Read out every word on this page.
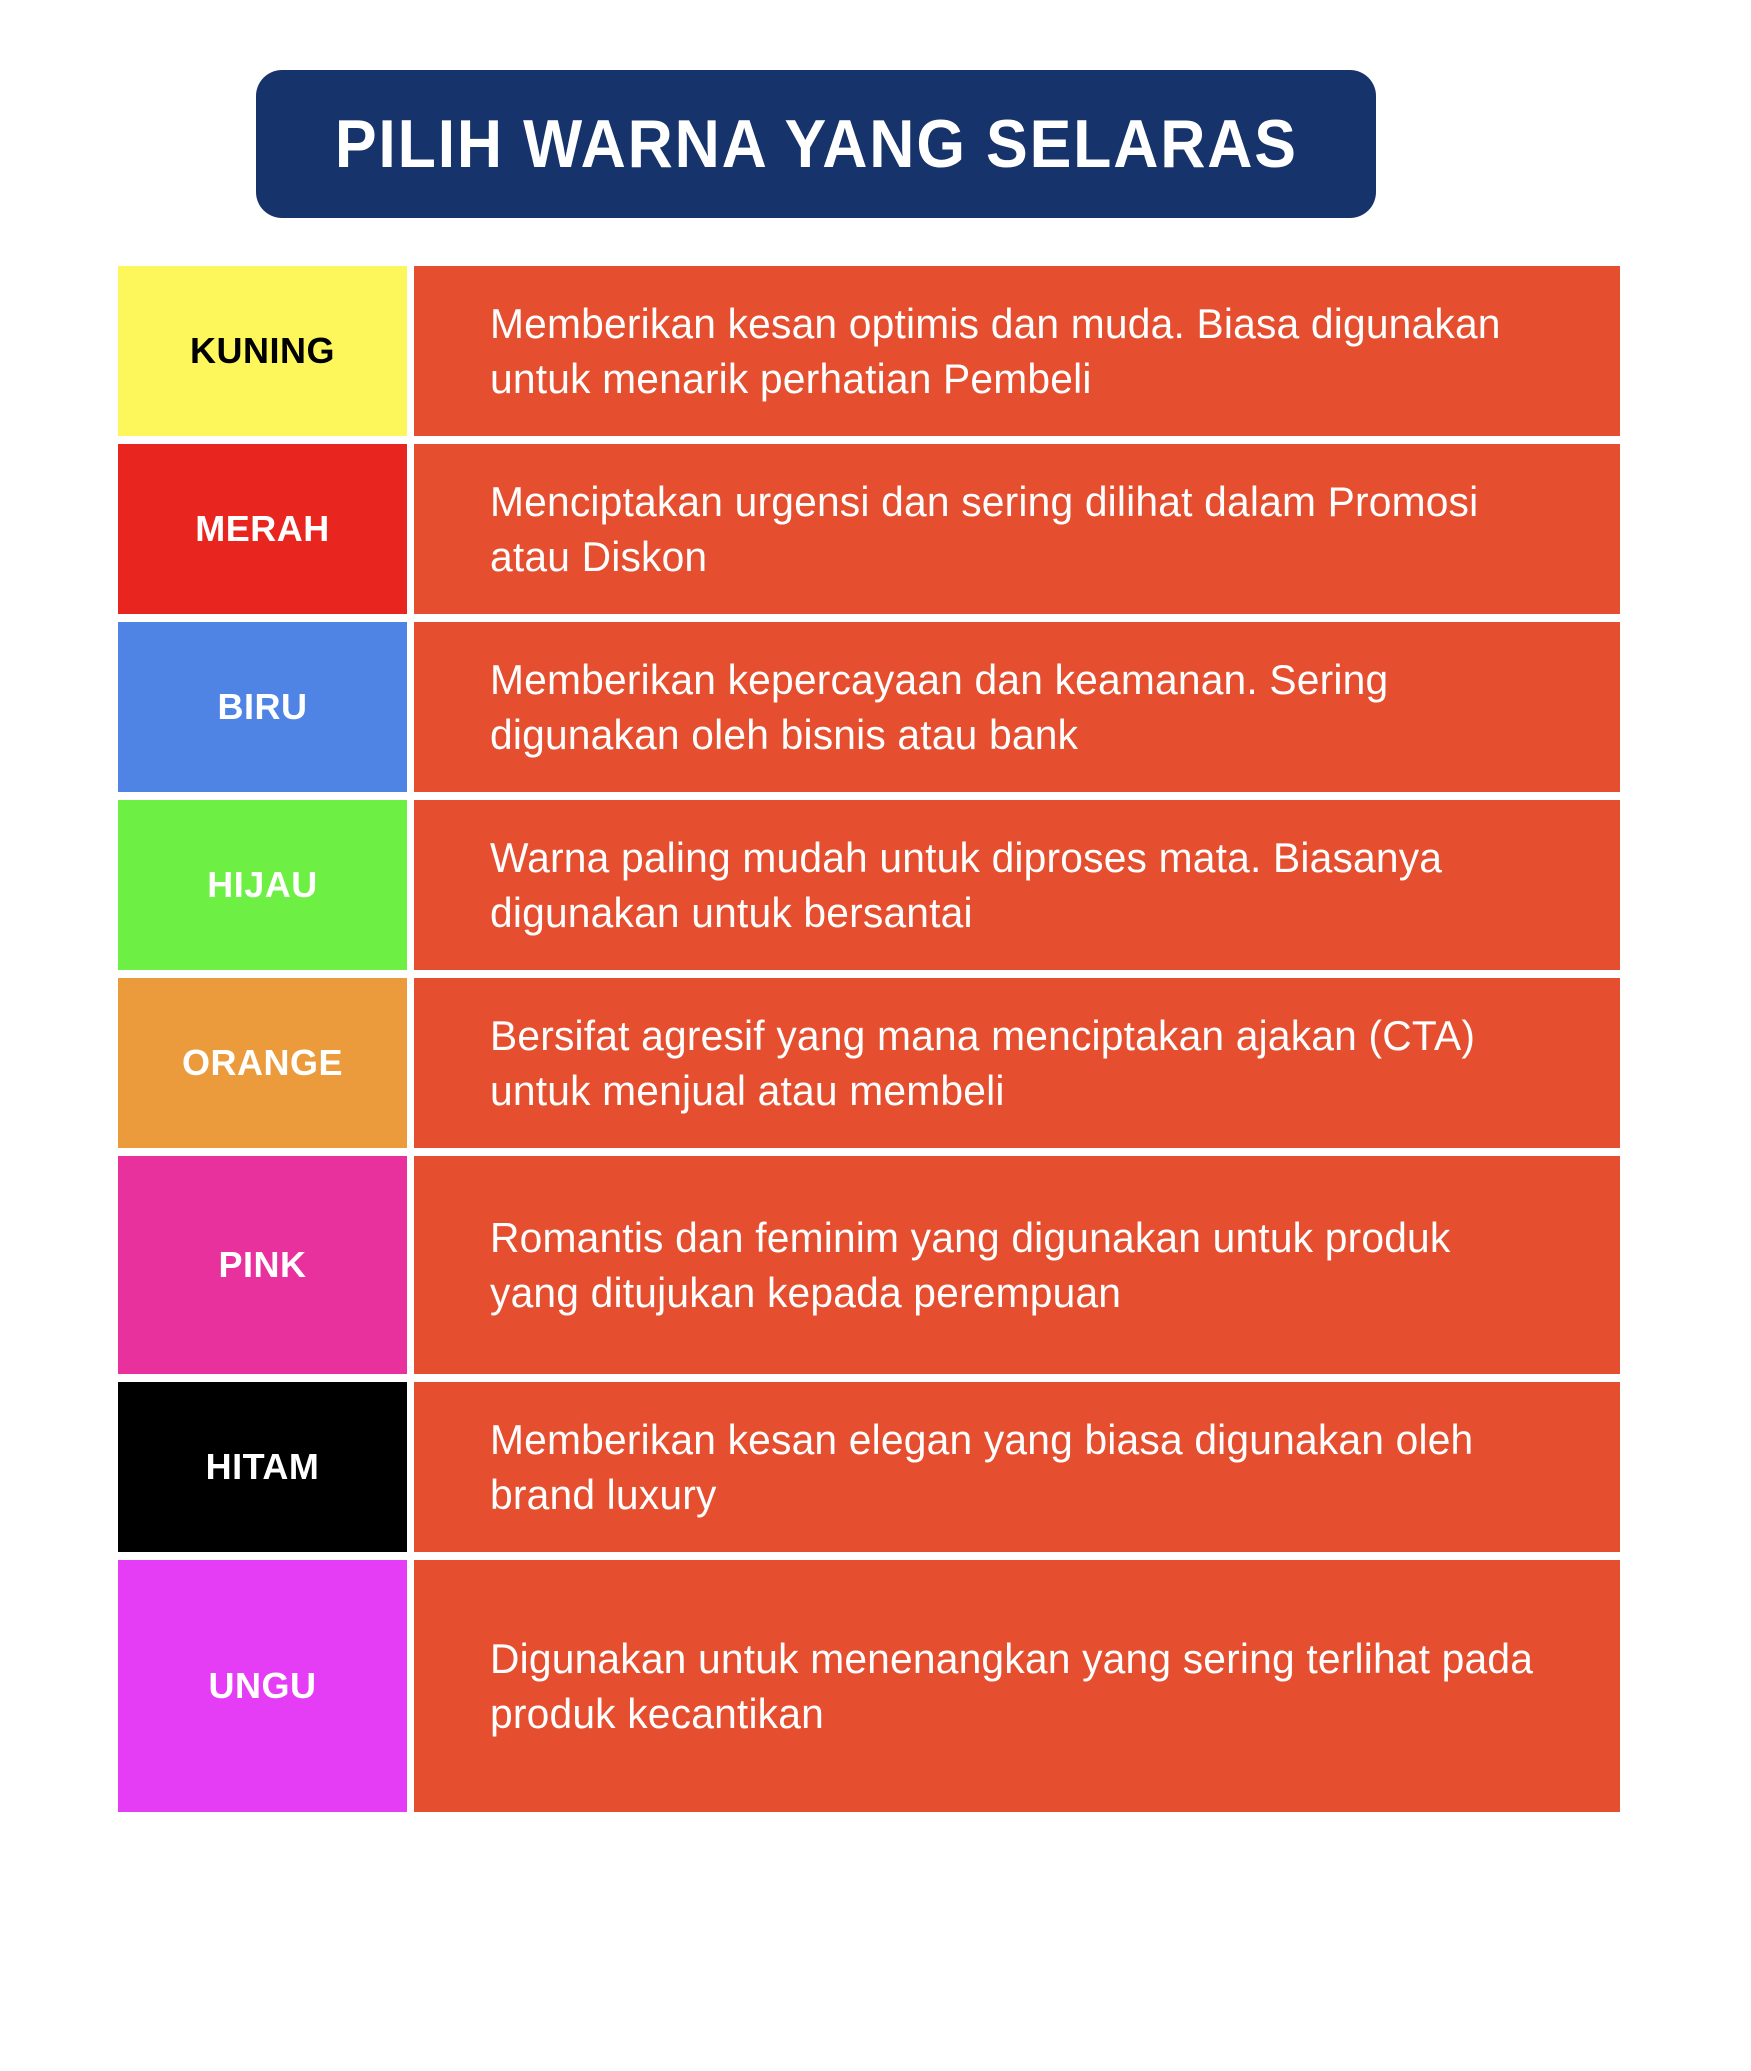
PILIH WARNA YANG SELARAS
KUNING
Memberikan kesan optimis dan muda. Biasa digunakan untuk menarik perhatian Pembeli
MERAH
Menciptakan urgensi dan sering dilihat dalam Promosi atau Diskon
BIRU
Memberikan kepercayaan dan keamanan. Sering digunakan oleh bisnis atau bank
HIJAU
Warna paling mudah untuk diproses mata. Biasanya digunakan untuk bersantai
ORANGE
Bersifat agresif yang mana menciptakan ajakan (CTA) untuk menjual atau membeli
PINK
Romantis dan feminim yang digunakan untuk produk yang ditujukan kepada perempuan
HITAM
Memberikan kesan elegan yang biasa digunakan oleh brand luxury
UNGU
Digunakan untuk menenangkan yang sering terlihat pada produk kecantikan
